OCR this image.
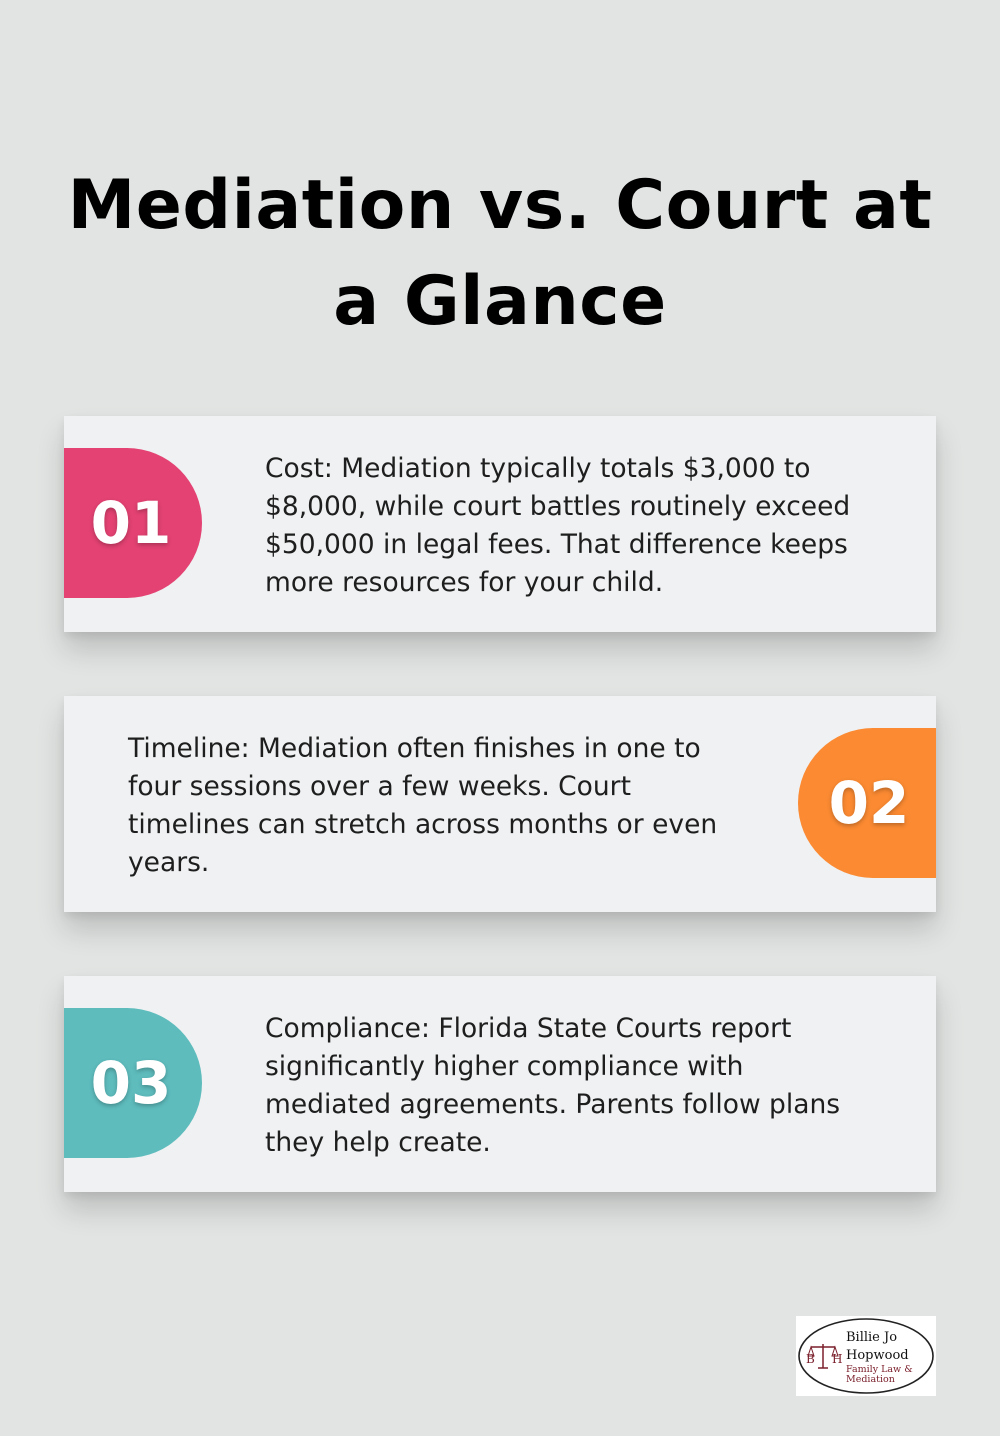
Mediation vs. Court at a Glance
01
Cost: Mediation typically totals $3,000 to $8,000, while court battles routinely exceed $50,000 in legal fees. That difference keeps more resources for your child.
Timeline: Mediation often finishes in one to four sessions over a few weeks. Court timelines can stretch across months or even years.
02
03
Compliance: Florida State Courts report significantly higher compliance with mediated agreements. Parents follow plans they help create.
B H
Billie Jo
Hopwood
Family Law &
Mediation
